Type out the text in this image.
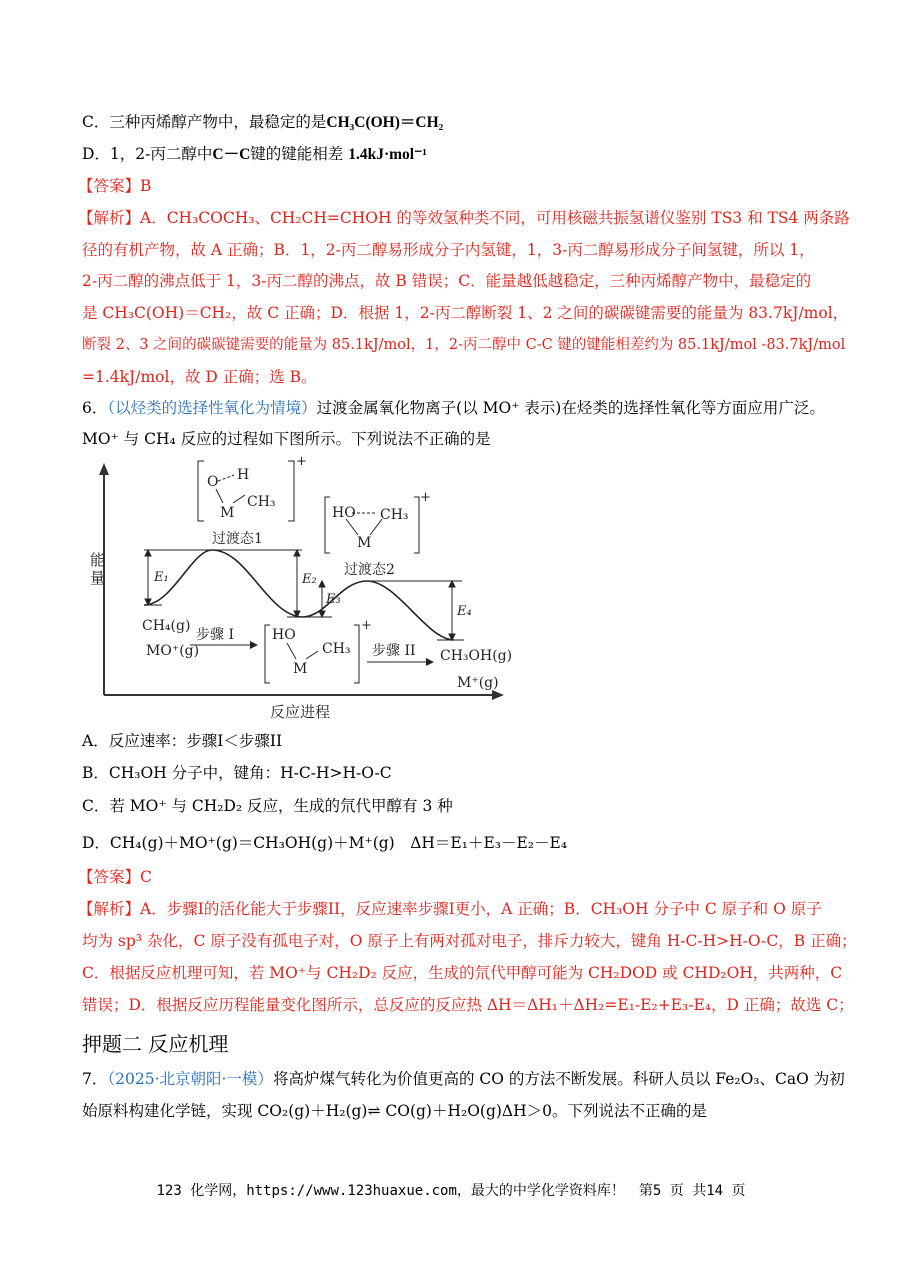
C．三种丙烯醇产物中，最稳定的是CH₃C(OH)＝CH₂
D．1，2-丙二醇中C－C键的键能相差 1.4kJ·mol⁻¹
【答案】B
【解析】A．CH₃COCH₃、CH₂CH=CHOH 的等效氢种类不同，可用核磁共振氢谱仪鉴别 TS3 和 TS4 两条路
径的有机产物，故 A 正确；B．1，2-丙二醇易形成分子内氢键，1，3-丙二醇易形成分子间氢键，所以 1，
2-丙二醇的沸点低于 1，3-丙二醇的沸点，故 B 错误；C．能量越低越稳定，三种丙烯醇产物中，最稳定的
是 CH₃C(OH)＝CH₂，故 C 正确；D．根据 1，2-丙二醇断裂 1、2 之间的碳碳键需要的能量为 83.7kJ/mol，
断裂 2、3 之间的碳碳键需要的能量为 85.1kJ/mol，1，2-丙二醇中 C-C 键的键能相差约为 85.1kJ/mol -83.7kJ/mol
=1.4kJ/mol，故 D 正确；选 B。
6．（以烃类的选择性氧化为情境）过渡金属氧化物离子(以 MO⁺ 表示)在烃类的选择性氧化等方面应用广泛。
MO⁺ 与 CH₄ 反应的过程如下图所示。下列说法不正确的是
能量
反应进程
E₁	E₂
E₃
E₄
过渡态1
O H
M
CH₃
+
过渡态2
HO CH₃
M
+
CH₄(g)
MO⁺(g)
步骤 I	HO
M
CH₃
+
步骤 II CH₃OH(g)
M⁺(g)
A．反应速率：步骤I＜步骤II
B．CH₃OH 分子中，键角：H-C-H>H-O-C
C．若 MO⁺ 与 CH₂D₂ 反应，生成的氘代甲醇有 3 种
D．CH₄(g)＋MO⁺(g)＝CH₃OH(g)＋M⁺(g)　ΔH＝E₁＋E₃－E₂－E₄
【答案】C
【解析】A．步骤I的活化能大于步骤II，反应速率步骤I更小，A 正确；B．CH₃OH 分子中 C 原子和 O 原子
均为 sp³ 杂化，C 原子没有孤电子对，O 原子上有两对孤对电子，排斥力较大，键角 H-C-H>H-O-C，B 正确；
C．根据反应机理可知，若 MO⁺与 CH₂D₂ 反应，生成的氘代甲醇可能为 CH₂DOD 或 CHD₂OH，共两种，C
错误；D．根据反应历程能量变化图所示，总反应的反应热 ΔH＝ΔH₁＋ΔH₂=E₁-E₂+E₃-E₄，D 正确；故选 C；
押题二 反应机理
7．（2025·北京朝阳·一模）将高炉煤气转化为价值更高的 CO 的方法不断发展。科研人员以 Fe₂O₃、CaO 为初
始原料构建化学链，实现 CO₂(g)＋H₂(g)⇌ CO(g)＋H₂O(g)ΔH＞0。下列说法不正确的是
123 化学网，https://www.123huaxue.com，最大的中学化学资料库！　第5 页 共14 页
